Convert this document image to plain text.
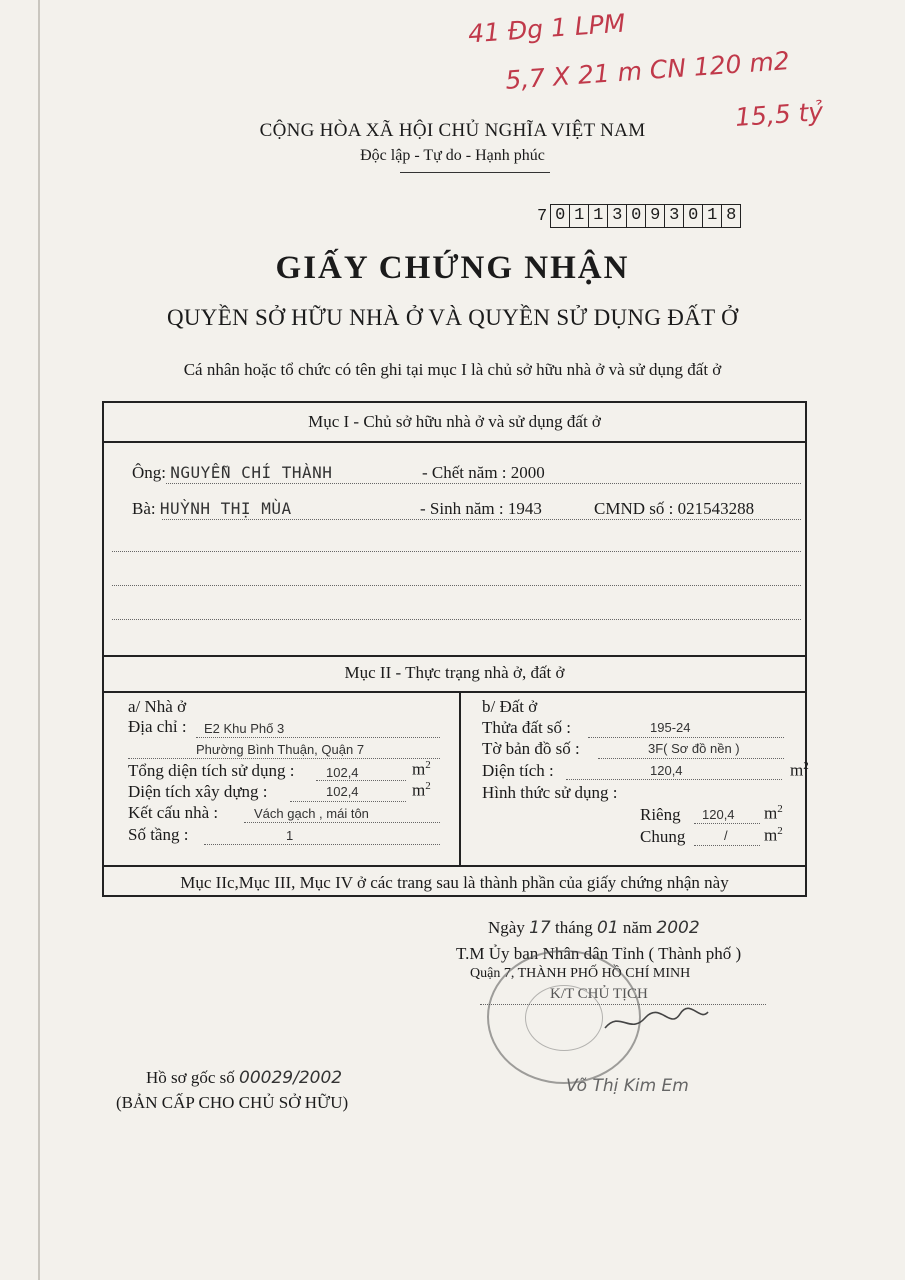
41 Đg 1 LPM
5,7 X 21 m CN 120 m2
15,5 tỷ
CỘNG HÒA XÃ HỘI CHỦ NGHĨA VIỆT NAM
Độc lập - Tự do - Hạnh phúc
7 0 1 1 3 0 9 3 0 1 8
GIẤY CHỨNG NHẬN
QUYỀN SỞ HỮU NHÀ Ở VÀ QUYỀN SỬ DỤNG ĐẤT Ở
Cá nhân hoặc tổ chức có tên ghi tại mục I là chủ sở hữu nhà ở và sử dụng đất ở
Mục I - Chủ sở hữu nhà ở và sử dụng đất ở
Ông: NGUYỄN CHÍ THÀNH	- Chết năm : 2000
Bà: HUỲNH THỊ MÙA	- Sinh năm : 1943	CMND số : 021543288
Mục II - Thực trạng nhà ở, đất ở
a/ Nhà ở
Địa chỉ : E2 Khu Phố 3
Phường Bình Thuận, Quận 7
Tổng diện tích sử dụng : 102,4	$m^2$
Diện tích xây dựng :	102,4	$m^2$
Kết cấu nhà :	Vách gạch , mái tôn
Số tầng :	1
b/ Đất ở
Thửa đất số :	195-24
Tờ bản đồ số :	3F( Sơ đồ nền )
Diện tích :	120,4	$m^2$
Hình thức sử dụng :
Riêng 120,4 $m^2$
Chung	/ $m^2$
Mục IIc,Mục III, Mục IV ở các trang sau là thành phần của giấy chứng nhận này
Ngày 17 tháng 01 năm 2002
T.M Ủy ban Nhân dân Tỉnh ( Thành phố )
Quận 7, THÀNH PHỐ HỒ CHÍ MINH
K/T CHỦ TỊCH
Võ Thị Kim Em
Hồ sơ gốc số 00029/2002
(BẢN CẤP CHO CHỦ SỞ HỮU)
